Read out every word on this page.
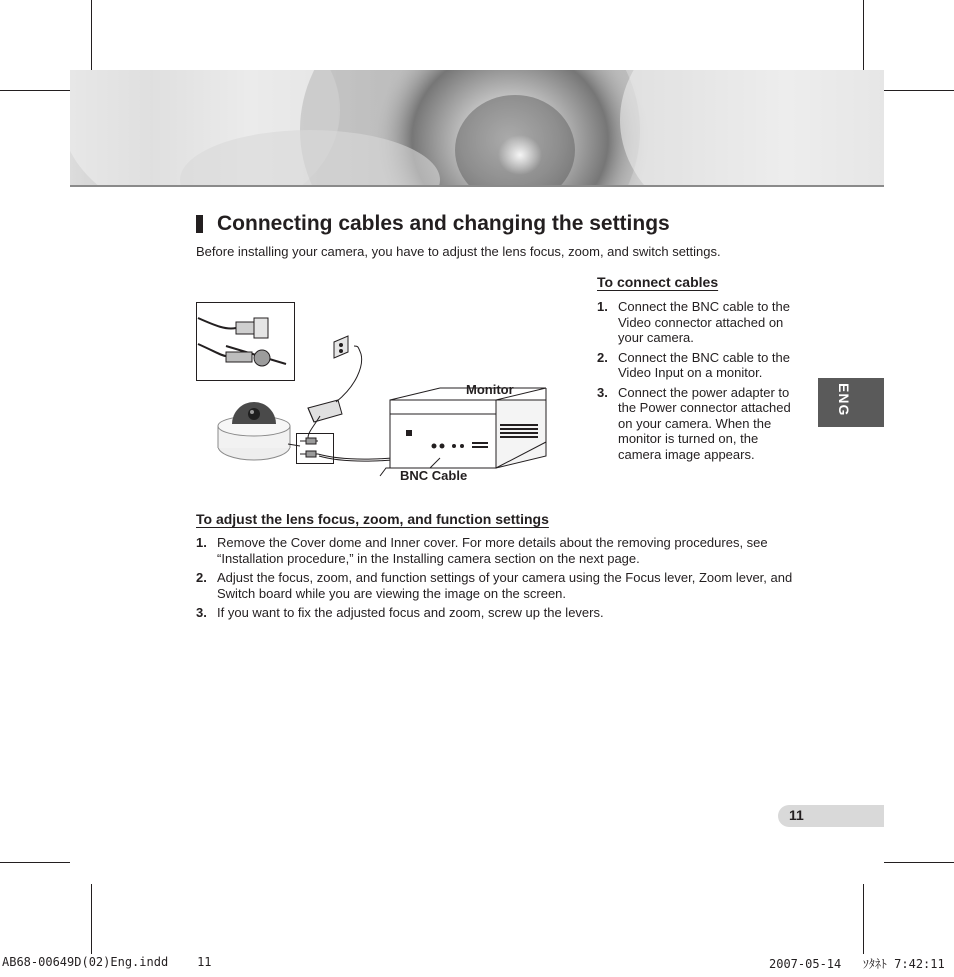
Connecting cables and changing the settings
Before installing your camera, you have to adjust the lens focus, zoom, and switch settings.
Monitor
BNC Cable
To connect cables
1. Connect the BNC cable to the Video connector attached on your camera.
2. Connect the BNC cable to the Video Input on a monitor.
3. Connect the power adapter to the Power connector attached on your camera. When the monitor is turned on, the camera image appears.
To adjust the lens focus, zoom, and function settings
1. Remove the Cover dome and Inner cover. For more details about the removing procedures, see “Installation procedure,” in the Installing camera section on the next page.
2. Adjust the focus, zoom, and function settings of your camera using the Focus lever, Zoom lever, and Switch board while you are viewing the image on the screen.
3. If you want to fix the adjusted focus and zoom, screw up the levers.
ENG
11
AB68-00649D(02)Eng.indd    11	2007-05-14   ｿﾀﾈﾄ 7:42:11
